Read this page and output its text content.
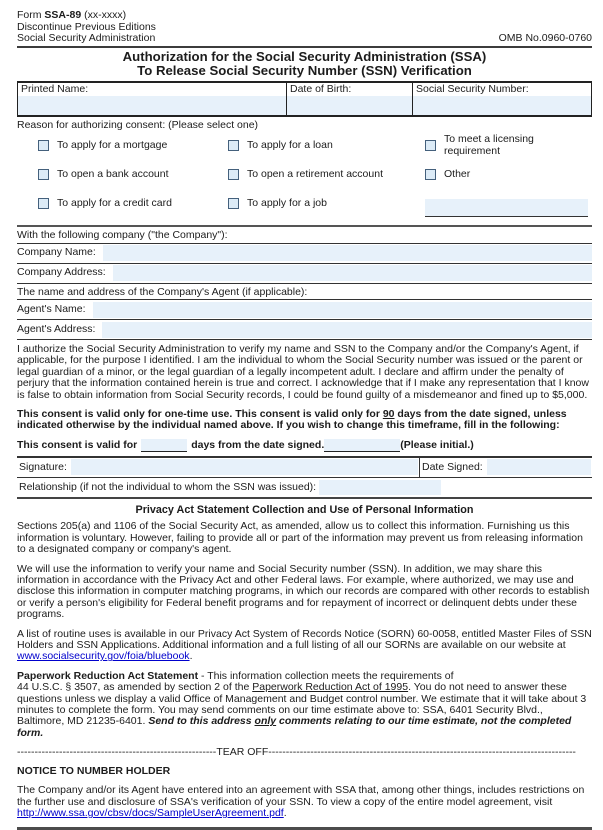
Form SSA-89 (xx-xxxx)
Discontinue Previous Editions
Social Security Administration	OMB No.0960-0760
Authorization for the Social Security Administration (SSA)
To Release Social Security Number (SSN) Verification
Printed Name:	Date of Birth:	Social Security Number:
Reason for authorizing consent: (Please select one)
To apply for a mortgage	To apply for a loan	To meet a licensing requirement
To open a bank account	To open a retirement account	Other
To apply for a credit card	To apply for a job
With the following company ("the Company"):
Company Name:
Company Address:
The name and address of the Company's Agent (if applicable):
Agent's Name:
Agent's Address:
I authorize the Social Security Administration to verify my name and SSN to the Company and/or the Company's Agent, if applicable, for the purpose I identified. I am the individual to whom the Social Security number was issued or the parent or legal guardian of a minor, or the legal guardian of a legally incompetent adult. I declare and affirm under the penalty of perjury that the information contained herein is true and correct. I acknowledge that if I make any representation that I know is false to obtain information from Social Security records, I could be found guilty of a misdemeanor and fined up to $5,000.
This consent is valid only for one-time use. This consent is valid only for 90 days from the date signed, unless indicated otherwise by the individual named above. If you wish to change this timeframe, fill in the following:
This consent is valid for	days from the date signed.	(Please initial.)
Signature:	Date Signed:
Relationship (if not the individual to whom the SSN was issued):
Privacy Act Statement Collection and Use of Personal Information
Sections 205(a) and 1106 of the Social Security Act, as amended, allow us to collect this information. Furnishing us this information is voluntary. However, failing to provide all or part of the information may prevent us from releasing information to a designated company or company's agent.
We will use the information to verify your name and Social Security number (SSN). In addition, we may share this information in accordance with the Privacy Act and other Federal laws. For example, where authorized, we may use and disclose this information in computer matching programs, in which our records are compared with other records to establish or verify a person's eligibility for Federal benefit programs and for repayment of incorrect or delinquent debts under these programs.
A list of routine uses is available in our Privacy Act System of Records Notice (SORN) 60-0058, entitled Master Files of SSN Holders and SSN Applications. Additional information and a full listing of all our SORNs are available on our website at www.socialsecurity.gov/foia/bluebook.
Paperwork Reduction Act Statement - This information collection meets the requirements of
44 U.S.C. § 3507, as amended by section 2 of the Paperwork Reduction Act of 1995. You do not need to answer these questions unless we display a valid Office of Management and Budget control number. We estimate that it will take about 3 minutes to complete the form. You may send comments on our time estimate above to: SSA, 6401 Security Blvd., Baltimore, MD 21235-6401. Send to this address only comments relating to our time estimate, not the completed form.
---------------------------------------------------------TEAR OFF----------------------------------------------------------------------------------------
NOTICE TO NUMBER HOLDER
The Company and/or its Agent have entered into an agreement with SSA that, among other things, includes restrictions on the further use and disclosure of SSA's verification of your SSN. To view a copy of the entire model agreement, visit http://www.ssa.gov/cbsv/docs/SampleUserAgreement.pdf.
